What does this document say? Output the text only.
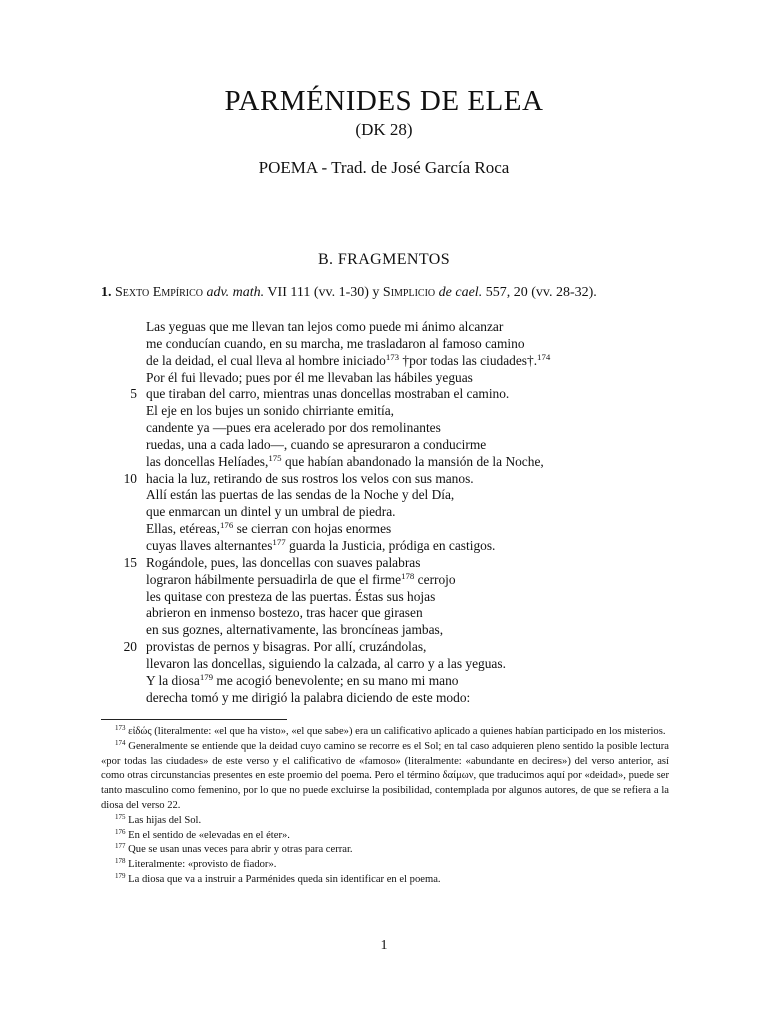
PARMÉNIDES DE ELEA
(DK 28)
POEMA - Trad. de José García Roca
B. FRAGMENTOS
1. Sexto Empírico adv. math. VII 111 (vv. 1-30) y Simplicio de cael. 557, 20 (vv. 28-32).
Las yeguas que me llevan tan lejos como puede mi ánimo alcanzar
me conducían cuando, en su marcha, me trasladaron al famoso camino
de la deidad, el cual lleva al hombre iniciado$^{173}$ †por todas las ciudades†.$^{174}$
Por él fui llevado; pues por él me llevaban las hábiles yeguas
5 que tiraban del carro, mientras unas doncellas mostraban el camino.
El eje en los bujes un sonido chirriante emitía,
candente ya —pues era acelerado por dos remolinantes
ruedas, una a cada lado—, cuando se apresuraron a conducirme
las doncellas Helíades,$^{175}$ que habían abandonado la mansión de la Noche,
10 hacia la luz, retirando de sus rostros los velos con sus manos.
Allí están las puertas de las sendas de la Noche y del Día,
que enmarcan un dintel y un umbral de piedra.
Ellas, etéreas,$^{176}$ se cierran con hojas enormes
cuyas llaves alternantes$^{177}$ guarda la Justicia, pródiga en castigos.
15 Rogándole, pues, las doncellas con suaves palabras
lograron hábilmente persuadirla de que el firme$^{178}$ cerrojo
les quitase con presteza de las puertas. Éstas sus hojas
abrieron en inmenso bostezo, tras hacer que girasen
en sus goznes, alternativamente, las broncíneas jambas,
20 provistas de pernos y bisagras. Por allí, cruzándolas,
llevaron las doncellas, siguiendo la calzada, al carro y a las yeguas.
Y la diosa$^{179}$ me acogió benevolente; en su mano mi mano
derecha tomó y me dirigió la palabra diciendo de este modo:

$^{173}$ εἰδώς (literalmente: «el que ha visto», «el que sabe») era un calificativo aplicado a quienes habían participado en los misterios.

$^{174}$ Generalmente se entiende que la deidad cuyo camino se recorre es el Sol; en tal caso adquieren pleno sentido la posible lectura «por todas las ciudades» de este verso y el calificativo de «famoso» (literalmente: «abundante en decires») del verso anterior, así como otras circunstancias presentes en este proemio del poema. Pero el término δαίμων, que traducimos aquí por «deidad», puede ser tanto masculino como femenino, por lo que no puede excluirse la posibilidad, contemplada por algunos autores, de que se refiera a la diosa del verso 22.

$^{175}$ Las hijas del Sol.

$^{176}$ En el sentido de «elevadas en el éter».

$^{177}$ Que se usan unas veces para abrir y otras para cerrar.

$^{178}$ Literalmente: «provisto de fiador».

$^{179}$ La diosa que va a instruir a Parménides queda sin identificar en el poema.

1
